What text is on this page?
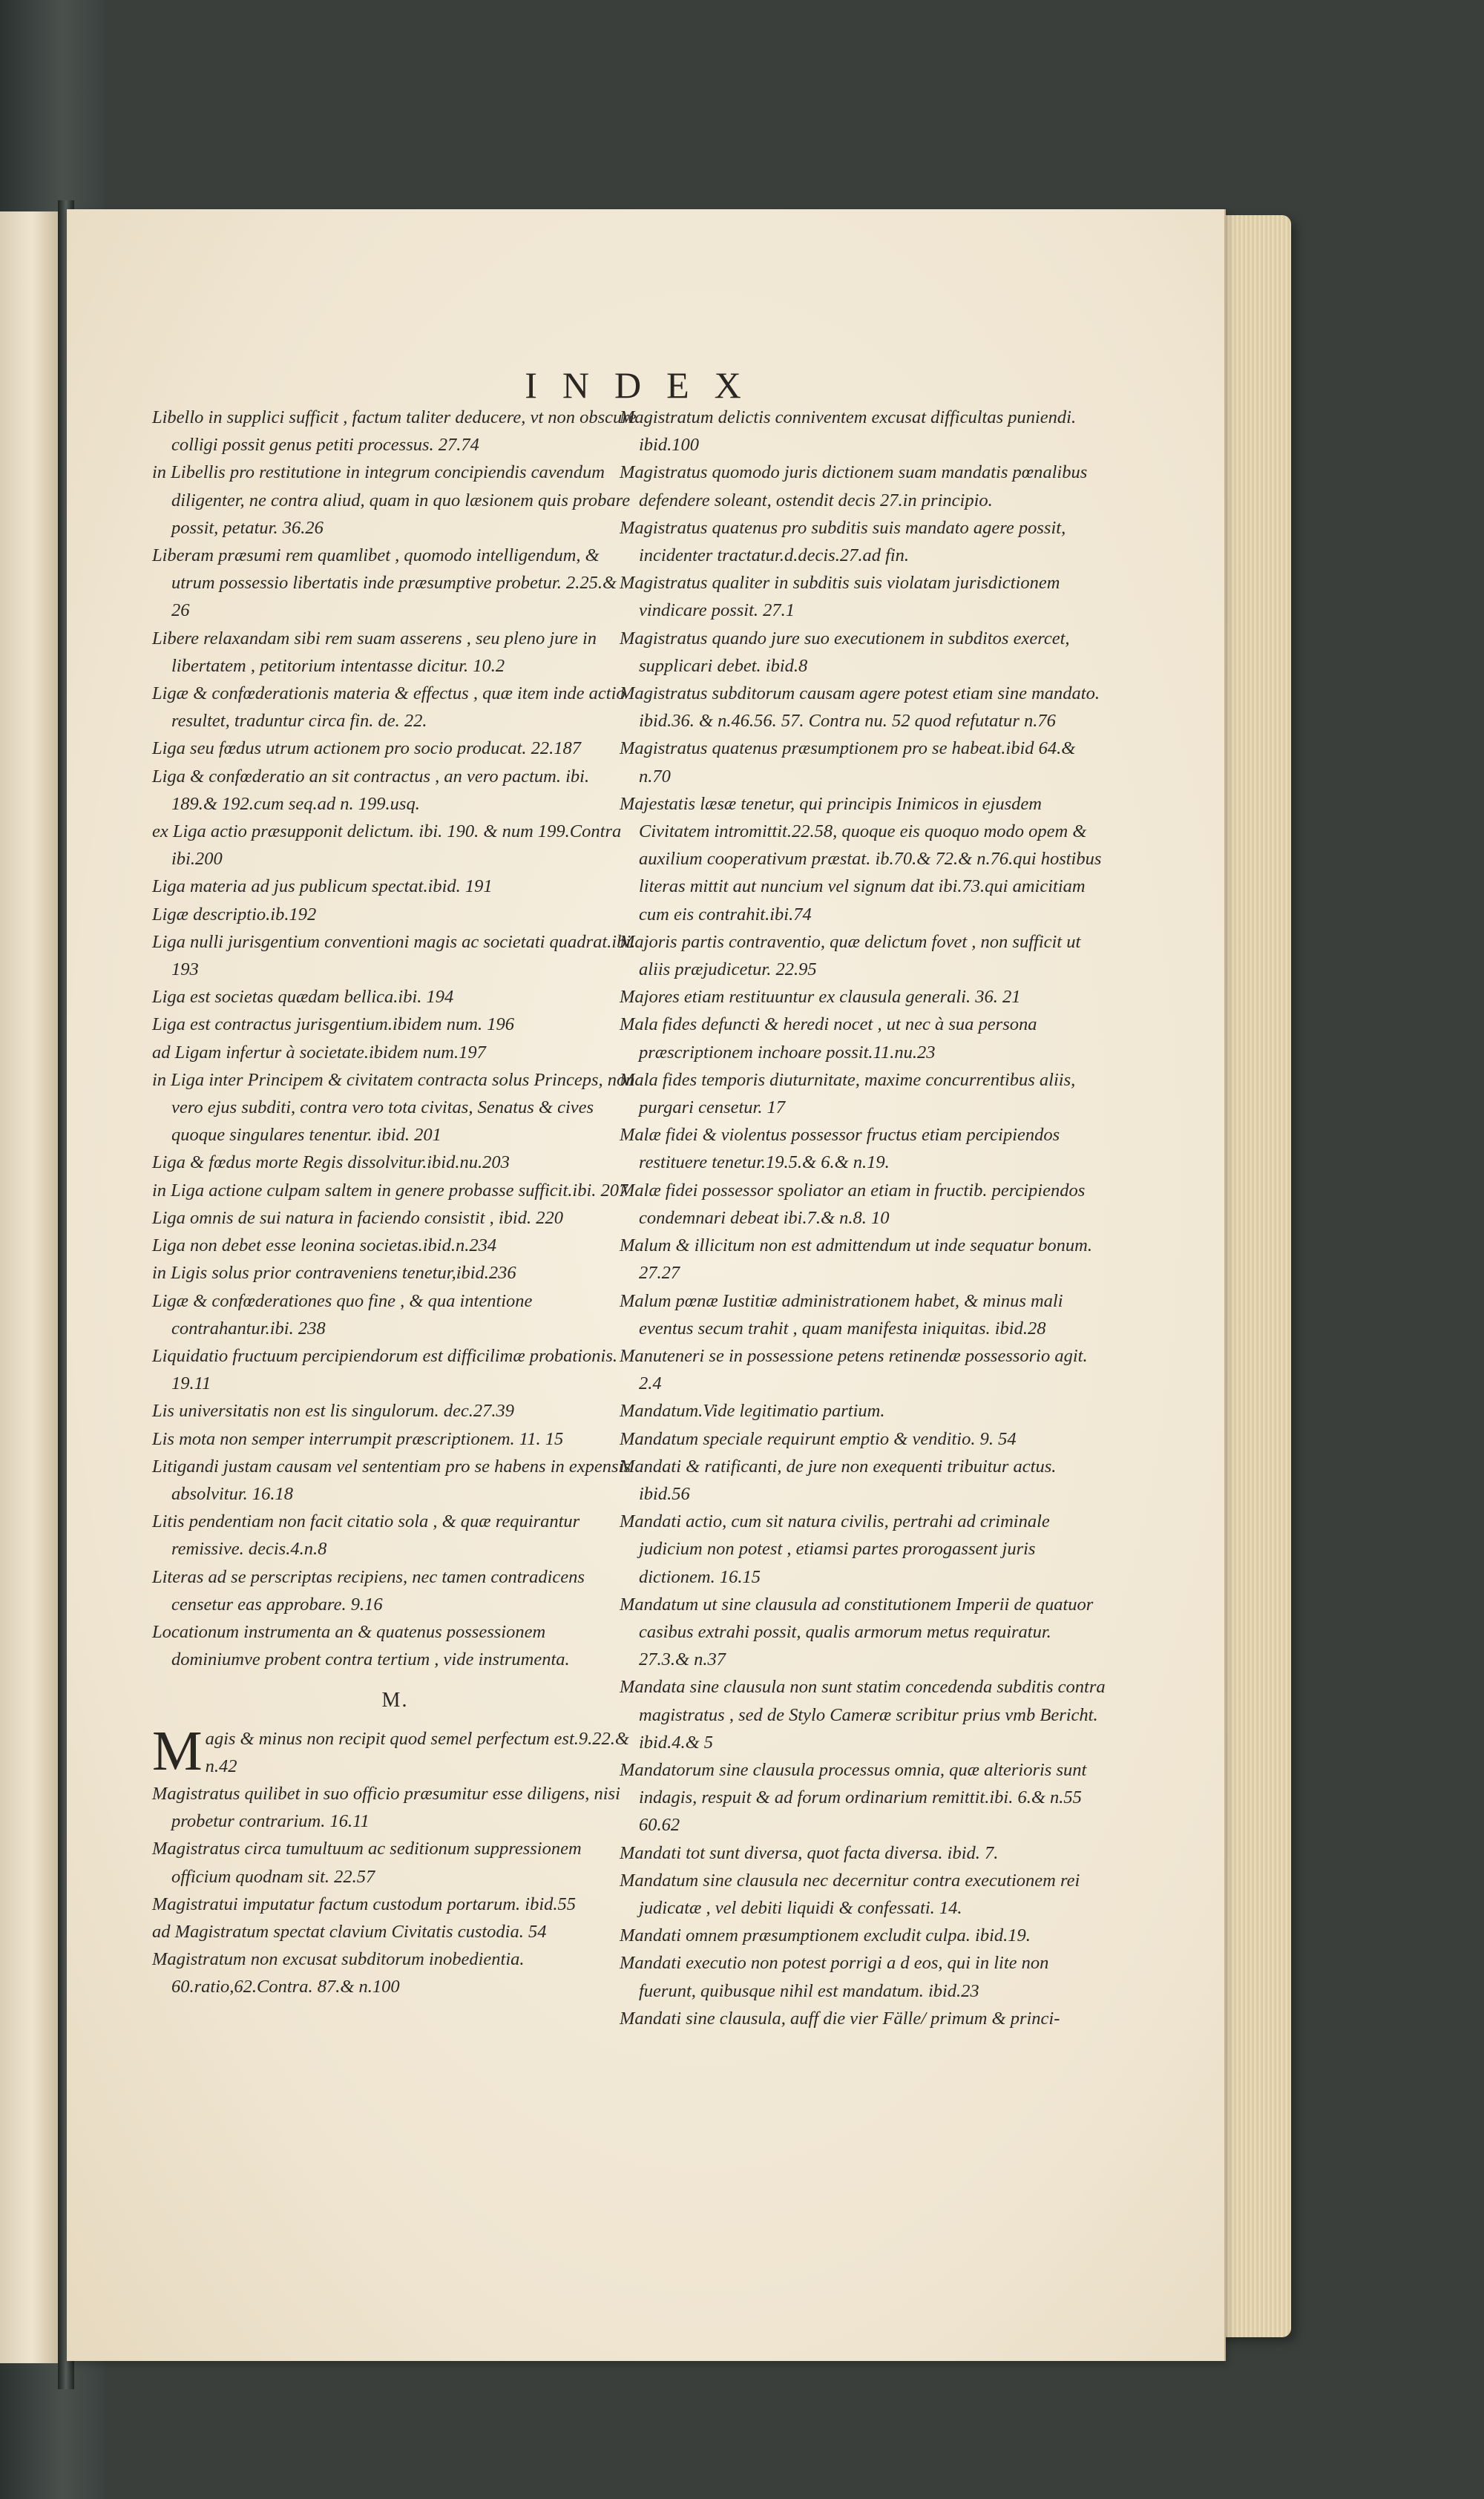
INDEX

Libello in supplici sufficit , factum taliter deducere, vt non obscure colligi possit genus petiti processus. 27.74

in Libellis pro restitutione in integrum concipiendis cavendum diligenter, ne contra aliud, quam in quo læsionem quis probare possit, petatur. 36.26

Liberam præsumi rem quamlibet , quomodo intelligendum, & utrum possessio libertatis inde præsumptive probetur. 2.25.& 26

Libere relaxandam sibi rem suam asserens , seu pleno jure in libertatem , petitorium intentasse dicitur. 10.2

Ligæ & confœderationis materia & effectus , quæ item inde actio resultet, traduntur circa fin. de. 22.

Liga seu fœdus utrum actionem pro socio producat. 22.187

Liga & confœderatio an sit contractus , an vero pactum. ibi. 189.& 192.cum seq.ad n. 199.usq.

ex Liga actio præsupponit delictum. ibi. 190. & num 199.Contra ibi.200

Liga materia ad jus publicum spectat.ibid. 191

Ligæ descriptio.ib.192

Liga nulli jurisgentium conventioni magis ac societati quadrat.ibi. 193

Liga est societas quædam bellica.ibi. 194

Liga est contractus jurisgentium.ibidem num. 196

ad Ligam infertur à societate.ibidem num.197

in Liga inter Principem & civitatem contracta solus Princeps, non vero ejus subditi, contra vero tota civitas, Senatus & cives quoque singulares tenentur. ibid. 201

Liga & fœdus morte Regis dissolvitur.ibid.nu.203

in Liga actione culpam saltem in genere probasse sufficit.ibi. 207

Liga omnis de sui natura in faciendo consistit , ibid. 220

Liga non debet esse leonina societas.ibid.n.234

in Ligis solus prior contraveniens tenetur,ibid.236

Ligæ & confœderationes quo fine , & qua intentione contrahantur.ibi. 238

Liquidatio fructuum percipiendorum est difficilimæ probationis. 19.11

Lis universitatis non est lis singulorum. dec.27.39

Lis mota non semper interrumpit præscriptionem. 11. 15

Litigandi justam causam vel sententiam pro se habens in expensis absolvitur. 16.18

Litis pendentiam non facit citatio sola , & quæ requirantur remissive. decis.4.n.8

Literas ad se perscriptas recipiens, nec tamen contradicens censetur eas approbare. 9.16

Locationum instrumenta an & quatenus possessionem dominiumve probent contra tertium , vide instrumenta.

M.

Magis & minus non recipit quod semel perfectum est.9.22.& n.42

Magistratus quilibet in suo officio præsumitur esse diligens, nisi probetur contrarium. 16.11

Magistratus circa tumultuum ac seditionum suppressionem officium quodnam sit. 22.57

Magistratui imputatur factum custodum portarum. ibid.55

ad Magistratum spectat clavium Civitatis custodia. 54

Magistratum non excusat subditorum inobedientia. 60.ratio,62.Contra. 87.& n.100

Magistratum delictis conniventem excusat difficultas puniendi. ibid.100

Magistratus quomodo juris dictionem suam mandatis pœnalibus defendere soleant, ostendit decis 27.in principio.

Magistratus quatenus pro subditis suis mandato agere possit, incidenter tractatur.d.decis.27.ad fin.

Magistratus qualiter in subditis suis violatam jurisdictionem vindicare possit. 27.1

Magistratus quando jure suo executionem in subditos exercet, supplicari debet. ibid.8

Magistratus subditorum causam agere potest etiam sine mandato. ibid.36. & n.46.56. 57. Contra nu. 52 quod refutatur n.76

Magistratus quatenus præsumptionem pro se habeat.ibid 64.& n.70

Majestatis læsæ tenetur, qui principis Inimicos in ejusdem Civitatem intromittit.22.58, quoque eis quoquo modo opem & auxilium cooperativum præstat. ib.70.& 72.& n.76.qui hostibus literas mittit aut nuncium vel signum dat ibi.73.qui amicitiam cum eis contrahit.ibi.74

Majoris partis contraventio, quæ delictum fovet , non sufficit ut aliis præjudicetur. 22.95

Majores etiam restituuntur ex clausula generali. 36. 21

Mala fides defuncti & heredi nocet , ut nec à sua persona præscriptionem inchoare possit.11.nu.23

Mala fides temporis diuturnitate, maxime concurrentibus aliis, purgari censetur. 17

Malæ fidei & violentus possessor fructus etiam percipiendos restituere tenetur.19.5.& 6.& n.19.

Malæ fidei possessor spoliator an etiam in fructib. percipiendos condemnari debeat ibi.7.& n.8. 10

Malum & illicitum non est admittendum ut inde sequatur bonum. 27.27

Malum pœnæ Iustitiæ administrationem habet, & minus mali eventus secum trahit , quam manifesta iniquitas. ibid.28

Manuteneri se in possessione petens retinendæ possessorio agit. 2.4

Mandatum.Vide legitimatio partium.

Mandatum speciale requirunt emptio & venditio. 9. 54

Mandati & ratificanti, de jure non exequenti tribuitur actus. ibid.56

Mandati actio, cum sit natura civilis, pertrahi ad criminale judicium non potest , etiamsi partes prorogassent juris dictionem. 16.15

Mandatum ut sine clausula ad constitutionem Imperii de quatuor casibus extrahi possit, qualis armorum metus requiratur. 27.3.& n.37

Mandata sine clausula non sunt statim concedenda subditis contra magistratus , sed de Stylo Cameræ scribitur prius vmb Bericht. ibid.4.& 5

Mandatorum sine clausula processus omnia, quæ alterioris sunt indagis, respuit & ad forum ordinarium remittit.ibi. 6.& n.55 60.62

Mandati tot sunt diversa, quot facta diversa. ibid. 7.

Mandatum sine clausula nec decernitur contra executionem rei judicatæ , vel debiti liquidi & confessati. 14.

Mandati omnem præsumptionem excludit culpa. ibid.19.

Mandati executio non potest porrigi a d eos, qui in lite non fuerunt, quibusque nihil est mandatum. ibid.23

Mandati sine clausula, auff die vier Fälle/ primum & princi-
